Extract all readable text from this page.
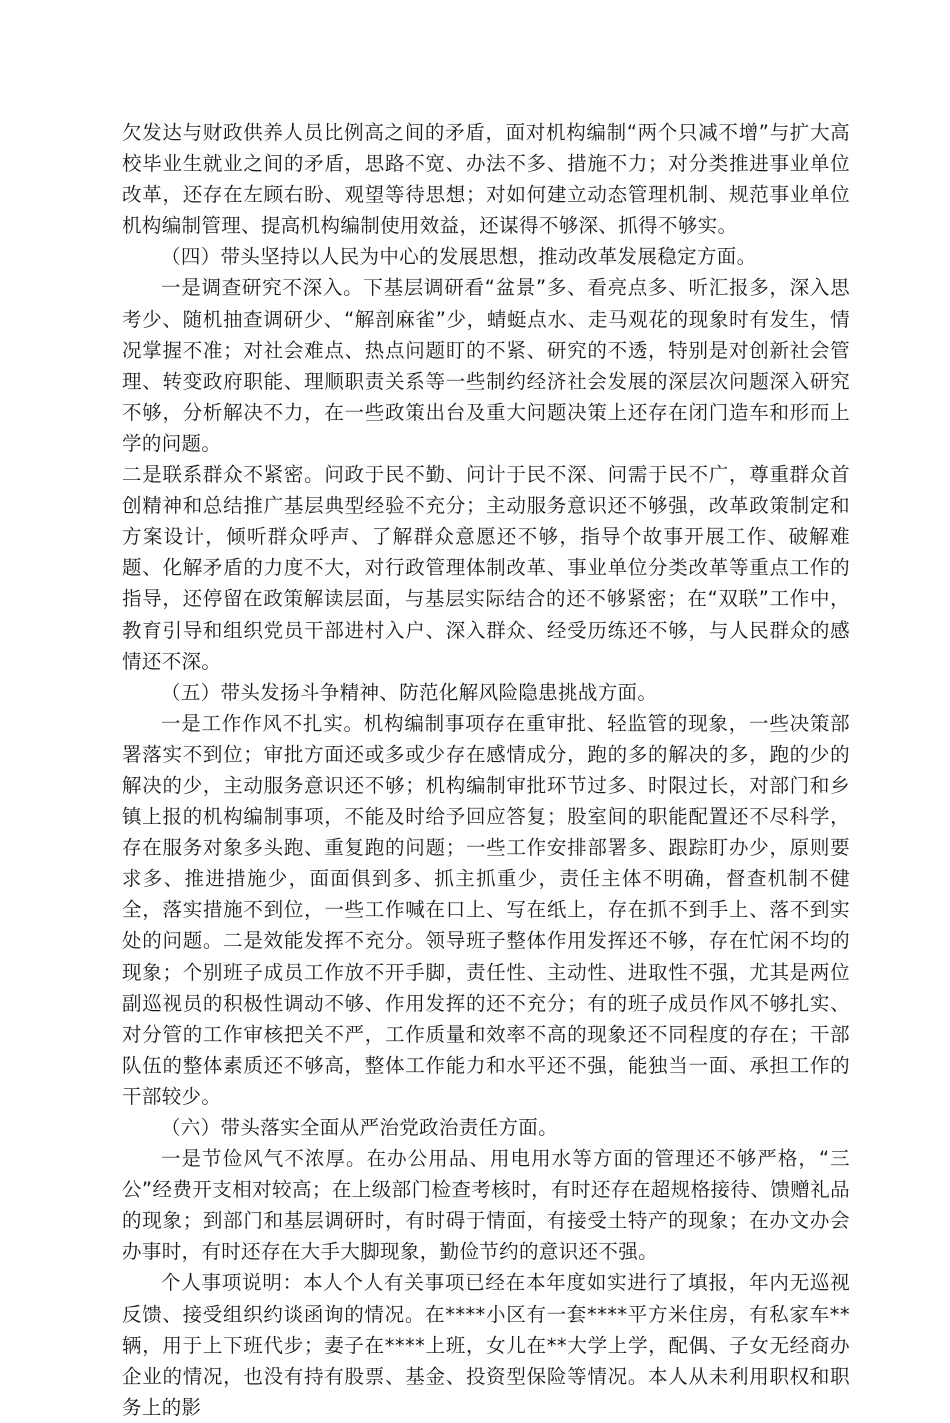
欠发达与财政供养人员比例高之间的矛盾，面对机构编制“两个只减不增”与扩大高校毕业生就业之间的矛盾，思路不宽、办法不多、措施不力；对分类推进事业单位改革，还存在左顾右盼、观望等待思想；对如何建立动态管理机制、规范事业单位机构编制管理、提高机构编制使用效益，还谋得不够深、抓得不够实。

（四）带头坚持以人民为中心的发展思想，推动改革发展稳定方面。

一是调查研究不深入。下基层调研看“盆景”多、看亮点多、听汇报多，深入思考少、随机抽查调研少、“解剖麻雀”少，蜻蜓点水、走马观花的现象时有发生，情况掌握不准；对社会难点、热点问题盯的不紧、研究的不透，特别是对创新社会管理、转变政府职能、理顺职责关系等一些制约经济社会发展的深层次问题深入研究不够，分析解决不力，在一些政策出台及重大问题决策上还存在闭门造车和形而上学的问题。

二是联系群众不紧密。问政于民不勤、问计于民不深、问需于民不广，尊重群众首创精神和总结推广基层典型经验不充分；主动服务意识还不够强，改革政策制定和方案设计，倾听群众呼声、了解群众意愿还不够，指导个故事开展工作、破解难题、化解矛盾的力度不大，对行政管理体制改革、事业单位分类改革等重点工作的指导，还停留在政策解读层面，与基层实际结合的还不够紧密；在“双联”工作中，教育引导和组织党员干部进村入户、深入群众、经受历练还不够，与人民群众的感情还不深。

（五）带头发扬斗争精神、防范化解风险隐患挑战方面。

一是工作作风不扎实。机构编制事项存在重审批、轻监管的现象，一些决策部署落实不到位；审批方面还或多或少存在感情成分，跑的多的解决的多，跑的少的解决的少，主动服务意识还不够；机构编制审批环节过多、时限过长，对部门和乡镇上报的机构编制事项，不能及时给予回应答复；股室间的职能配置还不尽科学，存在服务对象多头跑、重复跑的问题；一些工作安排部署多、跟踪盯办少，原则要求多、推进措施少，面面俱到多、抓主抓重少，责任主体不明确，督查机制不健全，落实措施不到位，一些工作喊在口上、写在纸上，存在抓不到手上、落不到实处的问题。二是效能发挥不充分。领导班子整体作用发挥还不够，存在忙闲不均的现象；个别班子成员工作放不开手脚，责任性、主动性、进取性不强，尤其是两位副巡视员的积极性调动不够、作用发挥的还不充分；有的班子成员作风不够扎实、对分管的工作审核把关不严，工作质量和效率不高的现象还不同程度的存在；干部队伍的整体素质还不够高，整体工作能力和水平还不强，能独当一面、承担工作的干部较少。

（六）带头落实全面从严治党政治责任方面。

一是节俭风气不浓厚。在办公用品、用电用水等方面的管理还不够严格，“三公”经费开支相对较高；在上级部门检查考核时，有时还存在超规格接待、馈赠礼品的现象；到部门和基层调研时，有时碍于情面，有接受土特产的现象；在办文办会办事时，有时还存在大手大脚现象，勤俭节约的意识还不强。

个人事项说明：本人个人有关事项已经在本年度如实进行了填报，年内无巡视反馈、接受组织约谈函询的情况。在****小区有一套****平方米住房，有私家车**辆，用于上下班代步；妻子在****上班，女儿在**大学上学，配偶、子女无经商办企业的情况，也没有持有股票、基金、投资型保险等情况。本人从未利用职权和职务上的影
